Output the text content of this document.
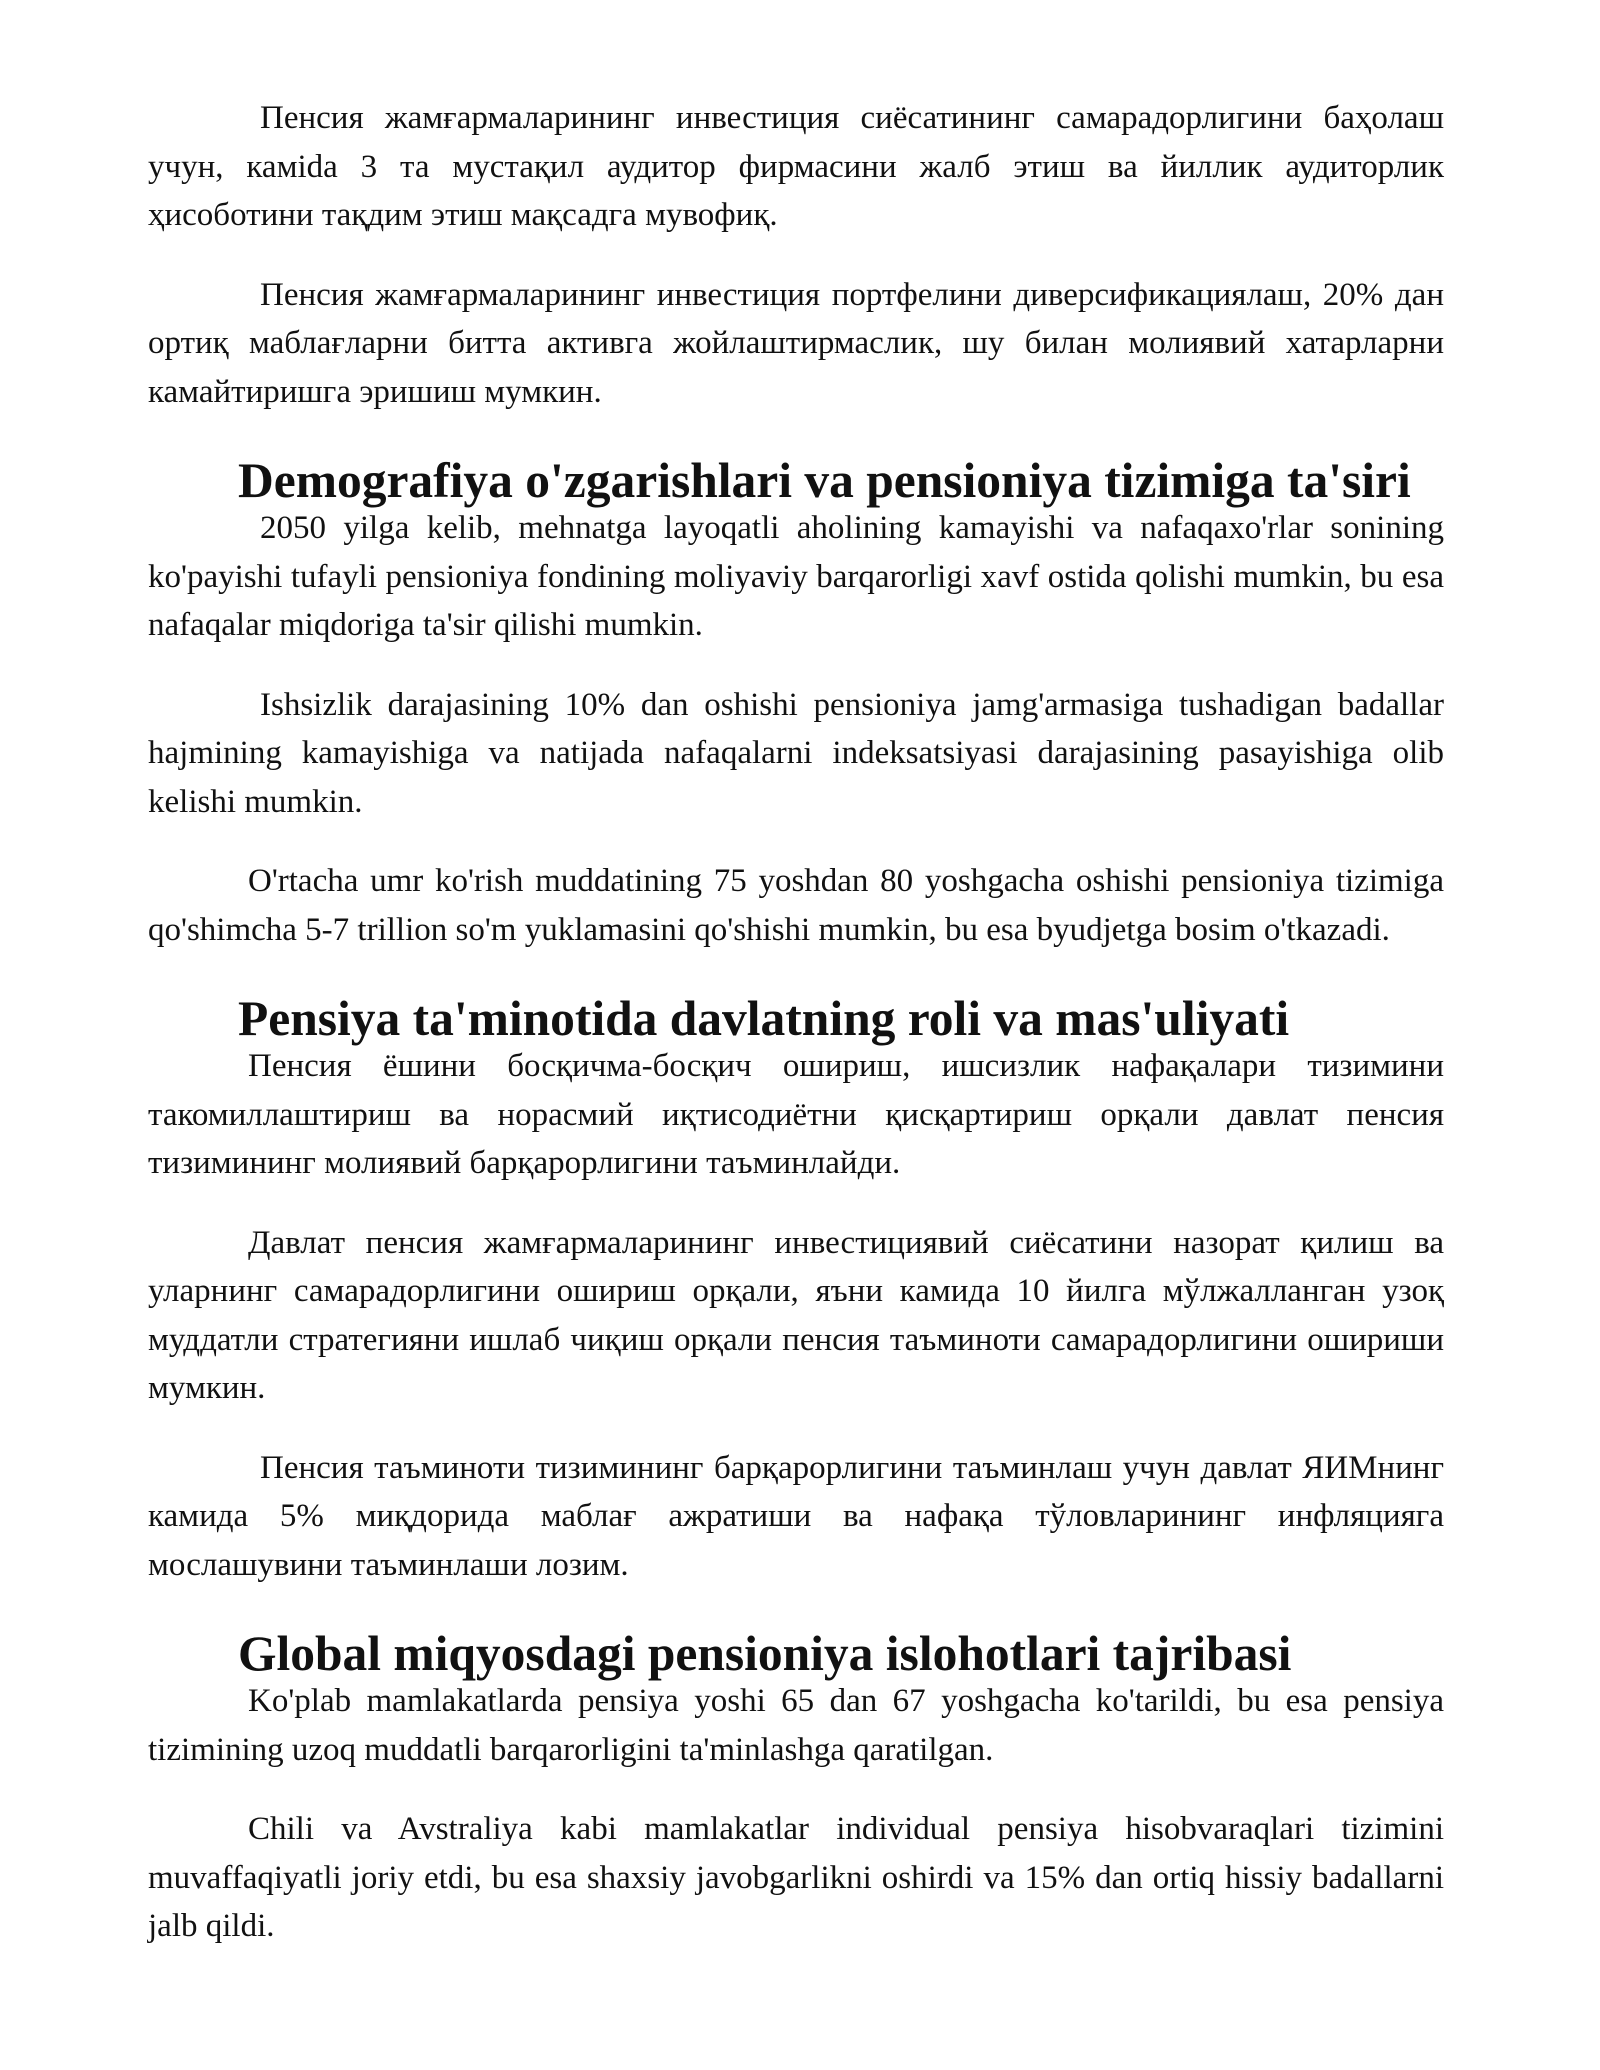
Пенсия жамғармаларининг инвестиция сиёсатининг самарадорлигини баҳолаш учун, камida 3 та мустақил аудитор фирмасини жалб этиш ва йиллик аудиторлик ҳисоботини тақдим этиш мақсадга мувофиқ.

Пенсия жамғармаларининг инвестиция портфелини диверсификациялаш, 20% дан ортиқ маблағларни битта активга жойлаштирмаслик, шу билан молиявий хатарларни камайтиришга эришиш мумкин.

Demografiya o'zgarishlari va pensioniya tizimiga ta'siri

2050 yilga kelib, mehnatga layoqatli aholining kamayishi va nafaqaxo'rlar sonining ko'payishi tufayli pensioniya fondining moliyaviy barqarorligi xavf ostida qolishi mumkin, bu esa nafaqalar miqdoriga ta'sir qilishi mumkin.

Ishsizlik darajasining 10% dan oshishi pensioniya jamg'armasiga tushadigan badallar hajmining kamayishiga va natijada nafaqalarni indeksatsiyasi darajasining pasayishiga olib kelishi mumkin.

O'rtacha umr ko'rish muddatining 75 yoshdan 80 yoshgacha oshishi pensioniya tizimiga qo'shimcha 5-7 trillion so'm yuklamasini qo'shishi mumkin, bu esa byudjetga bosim o'tkazadi.

Pensiya ta'minotida davlatning roli va mas'uliyati

Пенсия ёшини босқичма-босқич ошириш, ишсизлик нафақалари тизимини такомиллаштириш ва норасмий иқтисодиётни қисқартириш орқали давлат пенсия тизимининг молиявий барқарорлигини таъминлайди.

Давлат пенсия жамғармаларининг инвестициявий сиёсатини назорат қилиш ва уларнинг самарадорлигини ошириш орқали, яъни камида 10 йилга мўлжалланган узоқ муддатли стратегияни ишлаб чиқиш орқали пенсия таъминоти самарадорлигини ошириши мумкин.

Пенсия таъминоти тизимининг барқарорлигини таъминлаш учун давлат ЯИМнинг камида 5% миқдорида маблағ ажратиши ва нафақа тўловларининг инфляцияга мослашувини таъминлаши лозим.

Global miqyosdagi pensioniya islohotlari tajribasi

Ko'plab mamlakatlarda pensiya yoshi 65 dan 67 yoshgacha ko'tarildi, bu esa pensiya tizimining uzoq muddatli barqarorligini ta'minlashga qaratilgan.

Chili va Avstraliya kabi mamlakatlar individual pensiya hisobvaraqlari tizimini muvaffaqiyatli joriy etdi, bu esa shaxsiy javobgarlikni oshirdi va 15% dan ortiq hissiy badallarni jalb qildi.
